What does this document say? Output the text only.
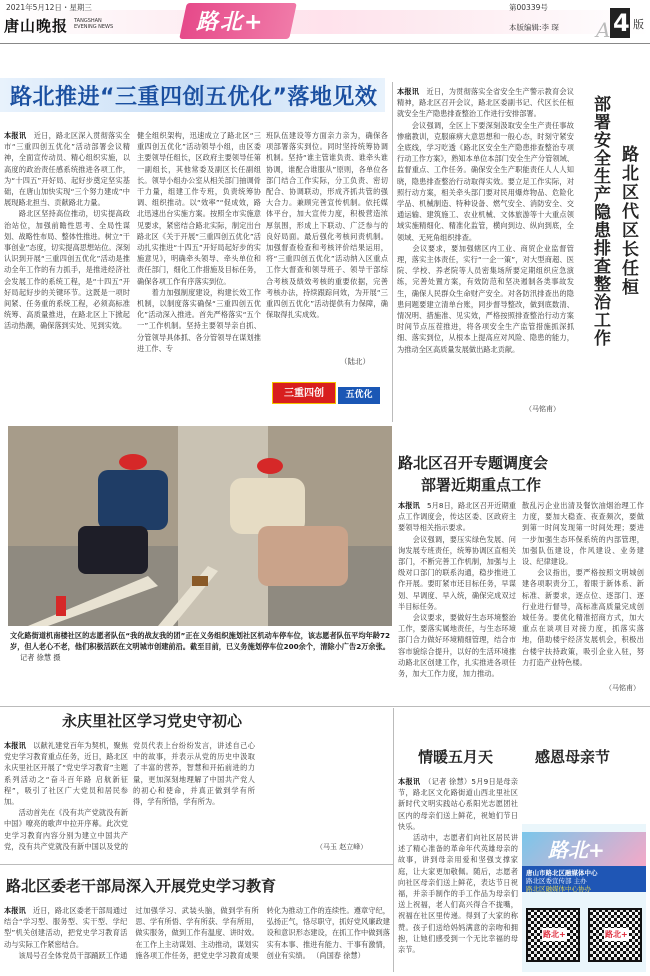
2021年5月12日・星期三
唐山晚报 TANGSHAN EVENING NEWS	路北+
第00339号
本版编辑:李 琛 A 4 版
路北推进“三重四创五优化”落地见效
本报讯　 近日，路北区深入贯彻落实全市“三重四创五优化”活动部署会议精神，全面宣传动员、精心组织实施，以高度的政治责任感系统推进各项工作，为“十四五”开好局、起好步奠定坚实基础，在唐山加快实现“三个努力建成”中展现路北担当、贡献路北力量。
　　路北区坚持高位推动，切实提高政治站位，加强前瞻性思考、全局性谋划、战略性布局、整体性推进。树立“干事创业”态度，切实提高思想站位。深刻认识到开展“三重四创五优化”活动是推动全年工作的有力抓手，是推进经济社会发展工作的系统工程，是“十四五”开好局起好步的关键环节。这既是一项时间紧、任务重的系统工程，必须高标准统筹、高质量推进，在路北区上下掀起活动热潮，确保落到实处、见到实效。
健全组织架构，迅速成立了路北区“三重四创五优化”活动领导小组，由区委主要领导任组长，区政府主要领导任第一副组长，其他常委及副区长任副组长。领导小组办公室从相关部门抽调骨干力量，组建工作专班，负责统筹协调、组织推动。以“效率”“促成效，路北迅速出台实施方案。按照全市实施意见要求，紧密结合路北实际，制定出台路北区《关于开展“三重四创五优化”活动扎实推进“十四五”开好局起好步的实施意见》，明确牵头领导、牵头单位和责任部门，细化工作措施及目标任务，确保各项工作有序落实到位。
　　着力加强制度建设，构建长效工作机制，以制度落实确保“三重四创五优化”活动深入推进。首先严格落实“五个一”工作机制。坚持主要领导亲自抓、分管领导具体抓、各分管领导在谋划推进工作、专
班队伍建设等方面亲力亲为，确保各项部署落实到位。同时坚持统筹协调机制。坚持“谁主管谁负责、谁牵头谁协调，谁配合谁服从”原则，各单位各部门结合工作实际，分工负责、密切配合、协调联动，形成齐抓共管的强大合力。兼顾完善宣传机制。依托媒体平台，加大宣传力度，积极营造浓厚氛围，形成上下联动、广泛参与的良好局面。最后强化考核问责机制。加强督查检查和考核评价结果运用，将“三重四创五优化”活动纳入区重点工作大督查和领导班子、领导干部综合考核及绩效考核的重要依据，完善考核办法，持续跟踪问效，为开展“三重四创五优化”活动提供有力保障，确保取得扎实成效。
（陆北）
三重四创	五优化
本报讯　 近日，为贯彻落实全省安全生产警示教育会议精神，路北区召开会议，路北区委副书记、代区长任桓就安全生产隐患排查整治工作进行安排部署。
　　会议强调，全区上下要深刻汲取安全生产责任事故惨痛教训，克服麻痹大意思想和一般心态，时刻守紧安全底线，学习吃透《路北区安全生产隐患排查整治专项行动工作方案》，熟知本单位本部门安全生产分管领域、监督重点、工作任务。确保安全生产职能责任人人人知晓，隐患排查整治行动取得实效。要立足工作实际，对照行动方案，相关牵头部门要对民用爆炸物品、危险化学品、机械制造、特种设备、燃气安全、消防安全、交通运输、建筑施工、农业机械、文体旅游等十大重点领域实施精细化、精准化监管，横向到边、纵向到底，全领域、无死角组织排查。
　　会议要求，要加强辖区内工业、商贸企业监督管理，落实主体责任，实行“一企一策”，对大型商超、医院、学校、养老院等人员密集场所要定期组织应急演练，完善处置方案，有效防范和坚决遏制各类事故发生，确保人民群众生命财产安全。对各防汛排查出的隐患问题要建立清单台账，同步督导整改，做到底数清、情况明、措施准、见实效，严格按照排查整治行动方案时间节点压茬推进，将各项安全生产监管措施抓深抓细、落实到位，从根本上提高应对风险、隐患的能力，为推动全区高质量发展做出路北贡献。
（马铭甫）
路北区代区长任桓
部署安全生产隐患排查整治工作
文化路街道机南楼社区的志愿者队伍“我的战友我的团”正在义务组织施划社区机动车停车位，该志愿者队伍平均年龄72岁，但人老心不老，他们积极活跃在文明城市创建前沿。截至目前，已义务施划停车位200余个，清除小广告2万余张。记者 徐慧 摄
路北区召开专题调度会
部署近期重点工作
本报讯　 5月8日，路北区召开近期重点工作调度会，传达区委、区政府主要领导相关指示要求。
　　会议强调，要压实绿色发展、问询发展专班责任，统筹协调区直相关部门，不断完善工作机制，加强与上级对口部门的联系沟通，稳步推进工作开展。要盯紧市还目标任务，早谋划、早调度、早入统，确保完成双过半目标任务。
　　会议要求，要做好生态环境整治工作，要落实属地责任，与生态环境部门合力做好环境精细管理，结合市容市貌综合提升，以好的生活环境推动路北区创建工作，扎实推进各项任务，加大工作力度，加力推动。
散乱污企业出清及餐饮油烟治理工作力度，要加大稳查、夜查频次，要做到第一时间发现第一时间处理；要进一步加强生态环保系统的内部管理，加强队伍建设，作风建设、业务建设、纪律建设。
　　会议指出，要严格按照文明城创建各项职责分工，着眼于新体系、新标准、新要求，逐点位、逐部门、逐行业进行督导，高标准高质量完成创城任务。要优化精准招商方式，加大重点在谈项目对接力度，抓落实落地，借助楼宇经济发展机会，积极出台楼宇扶持政策，吸引企业入驻，努力打造产业特色楼。
（马铭甫）
永庆里社区学习党史守初心
本报讯　 以献礼建党百年为契机，聚焦党史学习教育重点任务，近日，路北区永庆里社区开展了“党史学习教育”主题系列活动之“奋斗百年路 启航新征程”，吸引了社区广大党员和居民参加。
　　活动首先在《没有共产党就没有新中国》嘹亮的歌声中拉开序幕。此次党史学习教育内容分别为建立中国共产党，没有共产党就没有新中国以及党的
党员代表上台纷纷发言，讲述自己心中的故事，并表示从党的历史中汲取了丰富的营养，智慧和开拓前进的力量，更加深刻地理解了中国共产党人的初心和使命，并真正做到学有所得，学有所悟，学有所为。
（马玉 赵立峰）
情暖五月天	感恩母亲节
本报讯　 （记者 徐慧）5月9日是母亲节，路北区文化路街道山西北里社区新时代文明实践站心系阳光志愿团社区内的母亲们送上鲜花，祝她们节日快乐。
　　活动中，志愿者们向社区居民讲述了精心准备的革命年代英雄母亲的故事，讲到母亲用爱和坚强支撑家庭，让大家更加敬佩。随后，志愿者向社区母亲们送上鲜花，表达节日祝福，并亲手制作的手工作品为母亲们送上祝福，老人们高兴得合不拢嘴，祝福在社区里传递。得到了大家的称赞。孩子们送给妈妈满意的亲吻和拥抱，让她们感受到一个无比幸福的母亲节。
路北+
唐山市路北区融媒体中心
路北区委宣传部 主办
路北区融媒体中心协办
路北+	路北+
路北区委老干部局深入开展党史学习教育
本报讯　 近日，路北区委老干部局通过结合“学习型、服务型、实干型、学纪型”机关创建活动，把党史学习教育活动与实际工作紧密结合。
　　该局号召全体党员干部踊跃工作通过加强学习、武装头脑，做到学有所思、学有所悟、学有所获、学有所用，做实服务，做到工作有温度、讲时效。在工作上主动谋划、主动推动，谋划实施各项工作任务，把党史学习教育成果转化为推动工作的连续性。遵章守纪，弘扬正气，恪尽职守，抓好党风廉政建设和意识形态建设，在抓工作中做到落实有本事、推进有能力、干事有激情，创业有实绩。 （尚国春 徐慧）
